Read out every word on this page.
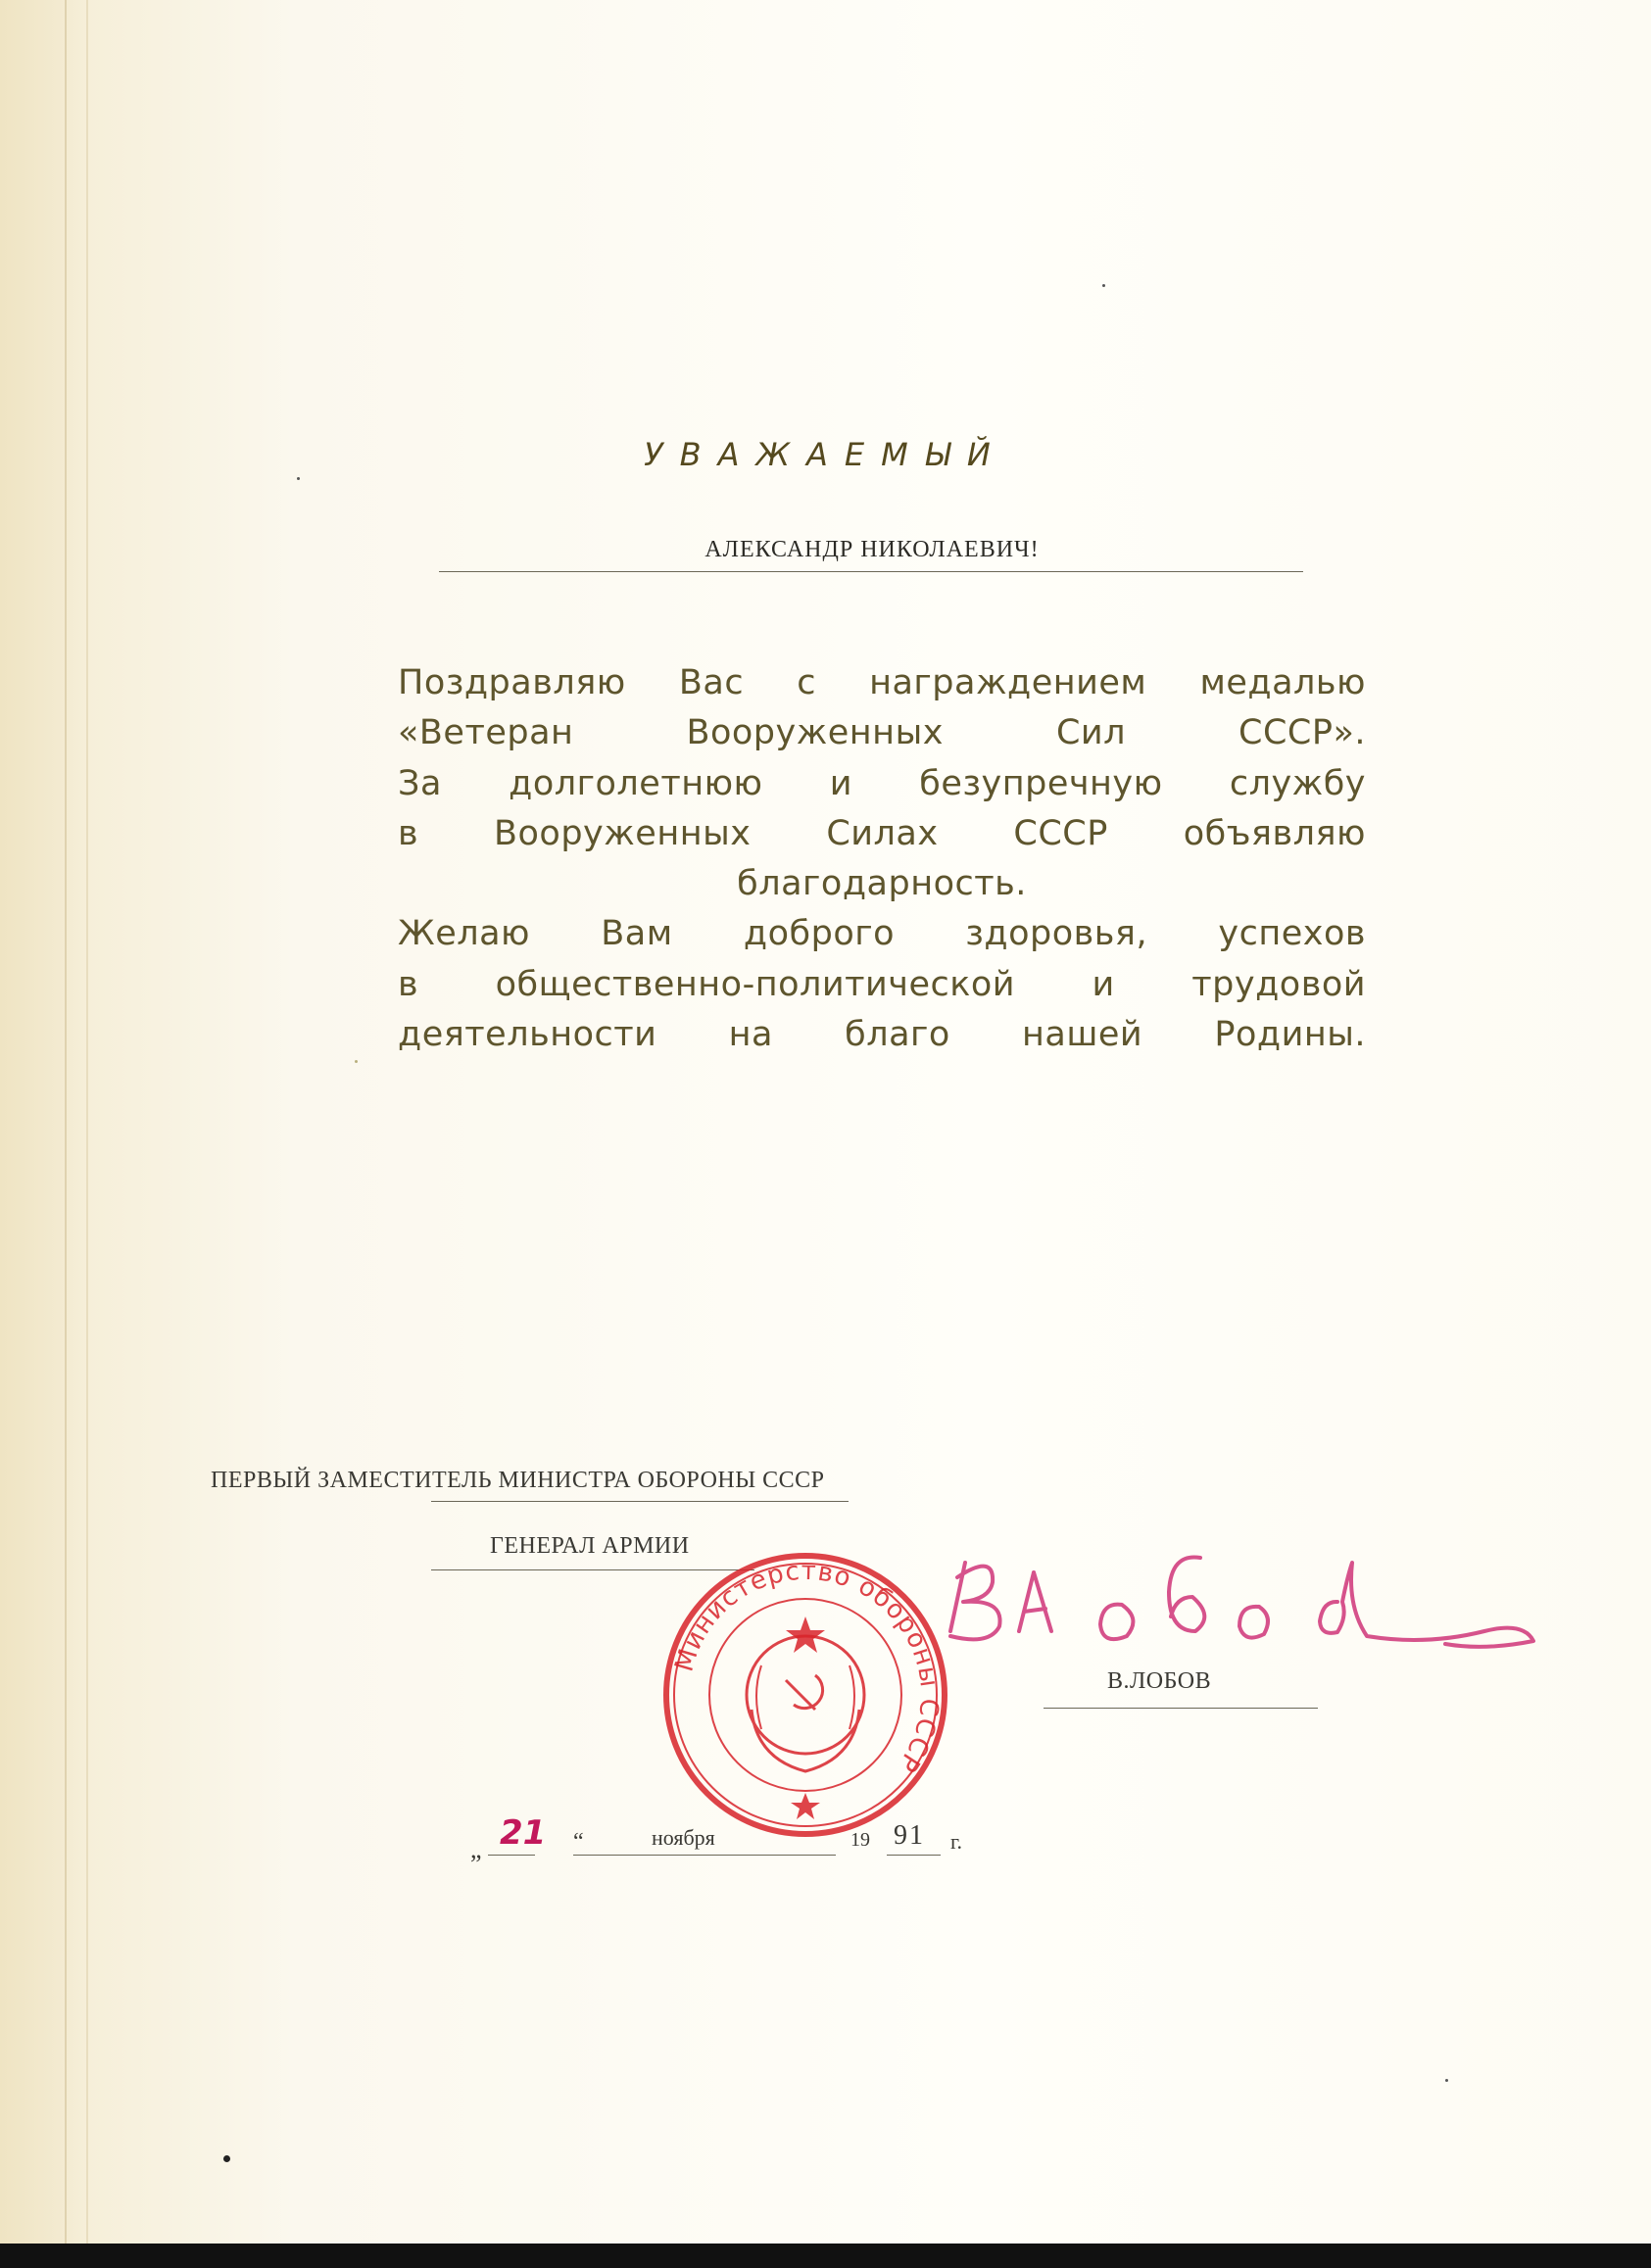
УВАЖАЕМЫЙ
АЛЕКСАНДР НИКОЛАЕВИЧ!
Поздравляю Вас с награждением медалью
«Ветеран Вооруженных Сил СССР».
За долголетнюю и безупречную службу
в Вооруженных Силах СССР объявляю
благодарность.
Желаю Вам доброго здоровья, успехов
в общественно-политической и трудовой
деятельности на благо нашей Родины.
ПЕРВЫЙ ЗАМЕСТИТЕЛЬ МИНИСТРА ОБОРОНЫ СССР
ГЕНЕРАЛ АРМИИ
В.ЛОБОВ
Министерство обороны СССР
„ 21 “	ноября	19 91 г.
